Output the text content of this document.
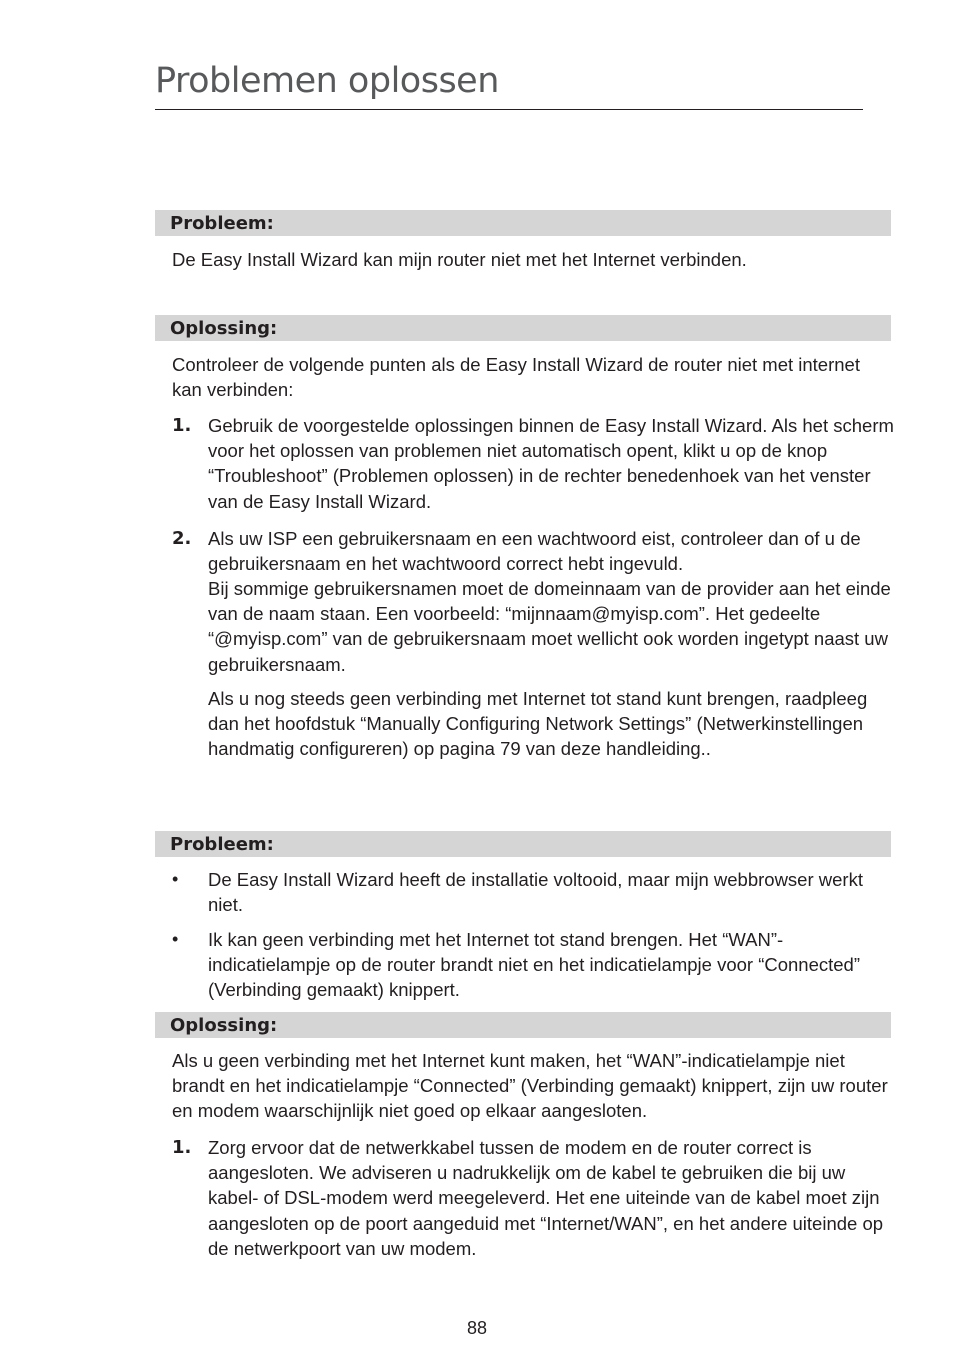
Problemen oplossen
Probleem:

De Easy Install Wizard kan mijn router niet met het Internet verbinden.

Oplossing:

Controleer de volgende punten als de Easy Install Wizard de router niet met internet kan verbinden:

1. Gebruik de voorgestelde oplossingen binnen de Easy Install Wizard. Als het scherm voor het oplossen van problemen niet automatisch opent, klikt u op de knop “Troubleshoot” (Problemen oplossen) in de rechter benedenhoek van het venster van de Easy Install Wizard.

2. Als uw ISP een gebruikersnaam en een wachtwoord eist, controleer dan of u de gebruikersnaam en het wachtwoord correct hebt ingevuld.

Bij sommige gebruikersnamen moet de domeinnaam van de provider aan het einde van de naam staan. Een voorbeeld: “mijnnaam@myisp.com”. Het gedeelte “@myisp.com” van de gebruikersnaam moet wellicht ook worden ingetypt naast uw gebruikersnaam.

Als u nog steeds geen verbinding met Internet tot stand kunt brengen, raadpleeg dan het hoofdstuk “Manually Configuring Network Settings” (Netwerkinstellingen handmatig configureren) op pagina 79 van deze handleiding..

Probleem:
• De Easy Install Wizard heeft de installatie voltooid, maar mijn webbrowser werkt niet.

• Ik kan geen verbinding met het Internet tot stand brengen. Het “WAN”-indicatielampje op de router brandt niet en het indicatielampje voor “Connected” (Verbinding gemaakt) knippert.

Oplossing:

Als u geen verbinding met het Internet kunt maken, het “WAN”-indicatielampje niet brandt en het indicatielampje “Connected” (Verbinding gemaakt) knippert, zijn uw router en modem waarschijnlijk niet goed op elkaar aangesloten.

1. Zorg ervoor dat de netwerkkabel tussen de modem en de router correct is aangesloten. We adviseren u nadrukkelijk om de kabel te gebruiken die bij uw kabel- of DSL-modem werd meegeleverd. Het ene uiteinde van de kabel moet zijn aangesloten op de poort aangeduid met “Internet/WAN”, en het andere uiteinde op de netwerkpoort van uw modem.

88
